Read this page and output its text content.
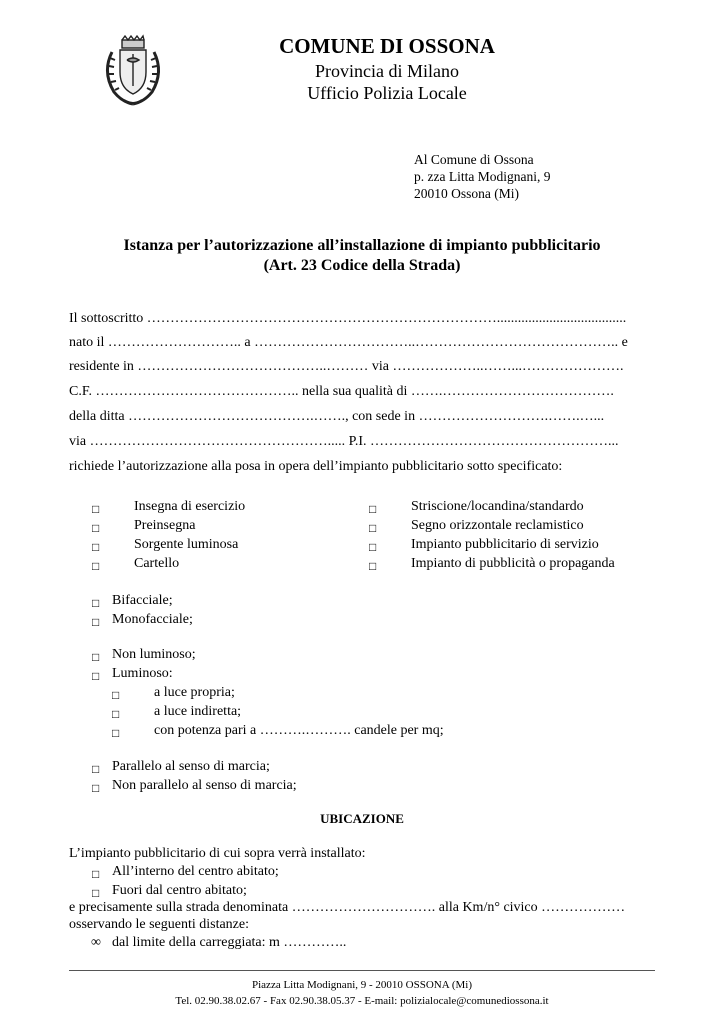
COMUNE DI OSSONA
Provincia di Milano
Ufficio Polizia Locale
Al Comune di Ossona
p. zza Litta Modignani, 9
20010 Ossona (Mi)
Istanza per l’autorizzazione all’installazione di impianto pubblicitario
(Art. 23 Codice della Strada)
Il sottoscritto ………………………………………………………………….....................................
nato il ……………………….. a ……………………………..…………………………………….. e
residente in …………………………………..……… via ………………..……...………………….
C.F. …………………………………….. nella sua qualità di …….……………………………….
della ditta ………………………………….……., con sede in ……………………….…….…...
via ……………………………………………..... P.I. ……………………………………………...
richiede l’autorizzazione alla posa in opera dell’impianto pubblicitario sotto specificato:
□ Insegna di esercizio
□ Preinsegna
□ Sorgente luminosa
□ Cartello
□ Striscione/locandina/standardo
□ Segno orizzontale reclamistico
□ Impianto pubblicitario di servizio
□ Impianto di pubblicità o propaganda
□ Bifacciale;
□ Monofacciale;
□ Non luminoso;
□ Luminoso:
□ a luce propria;
□ a luce indiretta;
□ con potenza pari a ……….………. candele per mq;
□ Parallelo al senso di marcia;
□ Non parallelo al senso di marcia;
UBICAZIONE
L’impianto pubblicitario di cui sopra verrà installato:
□ All’interno del centro abitato;
□ Fuori dal centro abitato;
e precisamente sulla strada denominata …………………………. alla Km/n° civico ………………
osservando le seguenti distanze:
∞ dal limite della carreggiata: m …………..
Piazza Litta Modignani, 9 - 20010 OSSONA (Mi)
Tel. 02.90.38.02.67 - Fax 02.90.38.05.37 - E-mail: polizialocale@comunediossona.it
